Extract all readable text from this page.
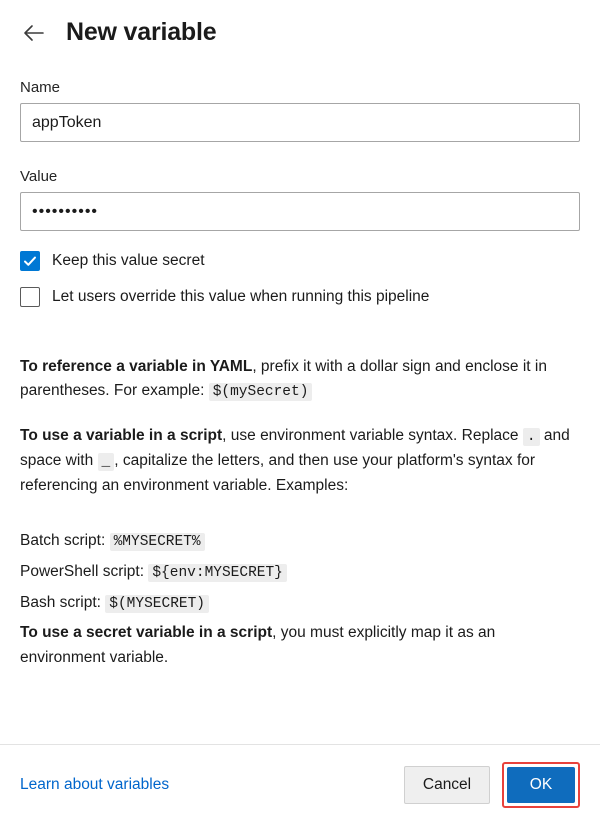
New variable
Name
appToken
Value
••••••••••
Keep this value secret
Let users override this value when running this pipeline

To reference a variable in YAML, prefix it with a dollar sign and enclose it in parentheses. For example: $(mySecret)

To use a variable in a script, use environment variable syntax. Replace . and space with _ , capitalize the letters, and then use your platform's syntax for referencing an environment variable. Examples:

Batch script: %MYSECRET%
PowerShell script: ${env:MYSECRET}
Bash script: $(MYSECRET)

To use a secret variable in a script, you must explicitly map it as an environment variable.

Learn about variables	Cancel	OK
